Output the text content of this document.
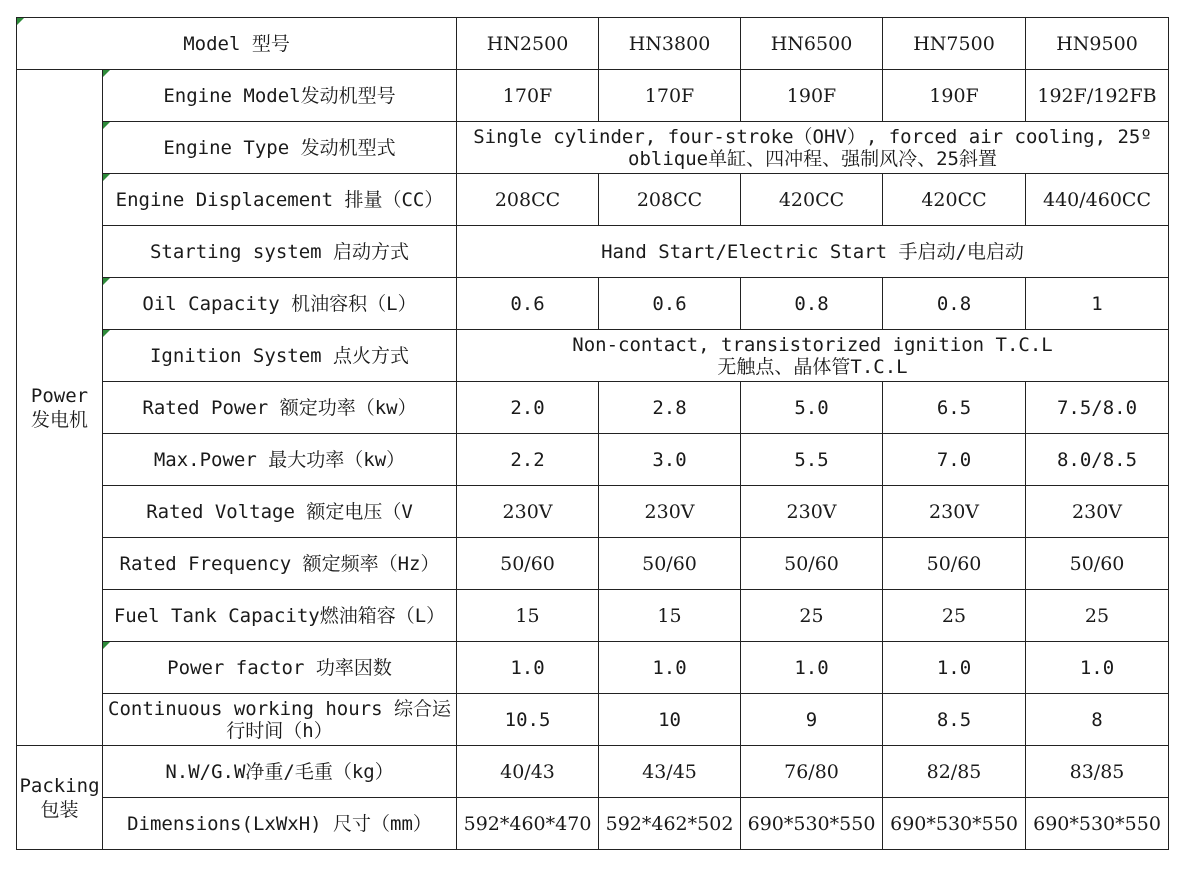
Model 型号		HN2500	HN3800	HN6500	HN7500	HN9500
Power
发电机	Engine Model发动机型号	170F	170F	190F	190F	192F/192FB
	Engine Type 发动机型式	Single cylinder, four-stroke（OHV）, forced air cooling, 25º oblique单缸、四冲程、强制风冷、25斜置				
	Engine Displacement 排量（CC）	208CC	208CC	420CC	420CC	440/460CC
	Starting system 启动方式	Hand Start/Electric Start 手启动/电启动				
	Oil Capacity 机油容积（L）	0.6	0.6	0.8	0.8	1
	Ignition System 点火方式	Non-contact, transistorized ignition T.C.L
无触点、晶体管T.C.L				
	Rated Power 额定功率（kw）	2.0	2.8	5.0	6.5	7.5/8.0
	Max.Power 最大功率（kw）	2.2	3.0	5.5	7.0	8.0/8.5
	Rated Voltage 额定电压（V	230V	230V	230V	230V	230V
	Rated Frequency 额定频率（Hz）	50/60	50/60	50/60	50/60	50/60
	Fuel Tank Capacity燃油箱容（L）	15	15	25	25	25
	Power factor 功率因数	1.0	1.0	1.0	1.0	1.0
	Continuous working hours 综合运行时间（h）	10.5	10	9	8.5	8
Packing
包装	N.W/G.W净重/毛重（kg）	40/43	43/45	76/80	82/85	83/85
	Dimensions(LxWxH) 尺寸（mm）	592*460*470	592*462*502	690*530*550	690*530*550	690*530*550
